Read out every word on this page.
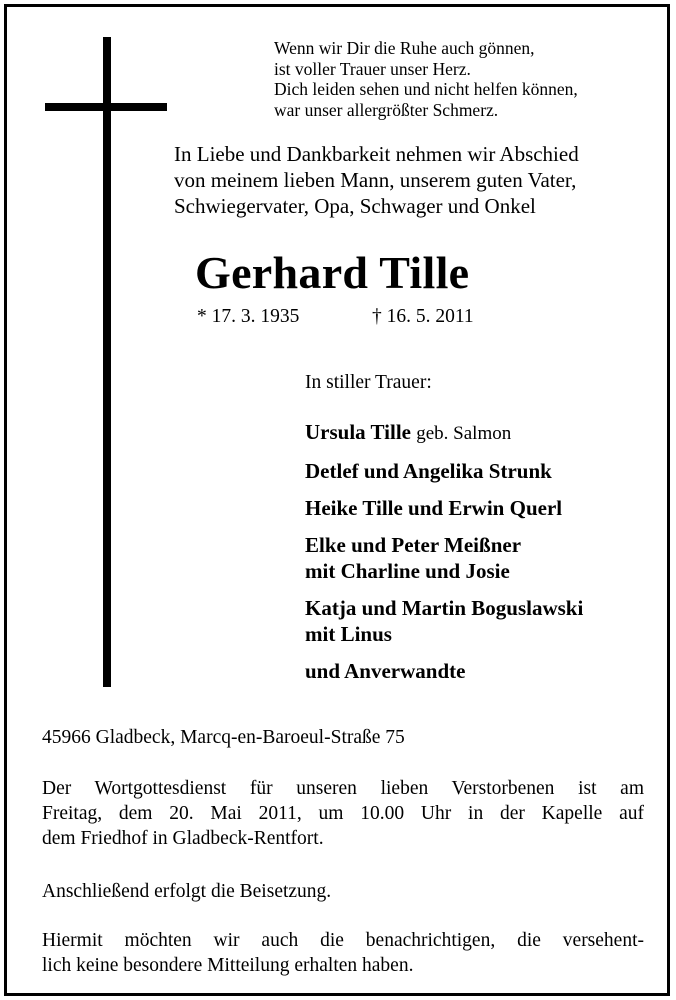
Wenn wir Dir die Ruhe auch gönnen,
ist voller Trauer unser Herz.
Dich leiden sehen und nicht helfen können,
war unser allergrößter Schmerz.
In Liebe und Dankbarkeit nehmen wir Abschied
von meinem lieben Mann, unserem guten Vater,
Schwiegervater, Opa, Schwager und Onkel
Gerhard Tille
* 17. 3. 1935	† 16. 5. 2011
In stiller Trauer:
Ursula Tille geb. Salmon
Detlef und Angelika Strunk
Heike Tille und Erwin Querl
Elke und Peter Meißner
mit Charline und Josie
Katja und Martin Boguslawski
mit Linus
und Anverwandte
45966 Gladbeck, Marcq-en-Baroeul-Straße 75
Der Wortgottesdienst für unseren lieben Verstorbenen ist am
Freitag, dem 20. Mai 2011, um 10.00 Uhr in der Kapelle auf
dem Friedhof in Gladbeck-Rentfort.
Anschließend erfolgt die Beisetzung.
Hiermit möchten wir auch die benachrichtigen, die versehent-
lich keine besondere Mitteilung erhalten haben.
